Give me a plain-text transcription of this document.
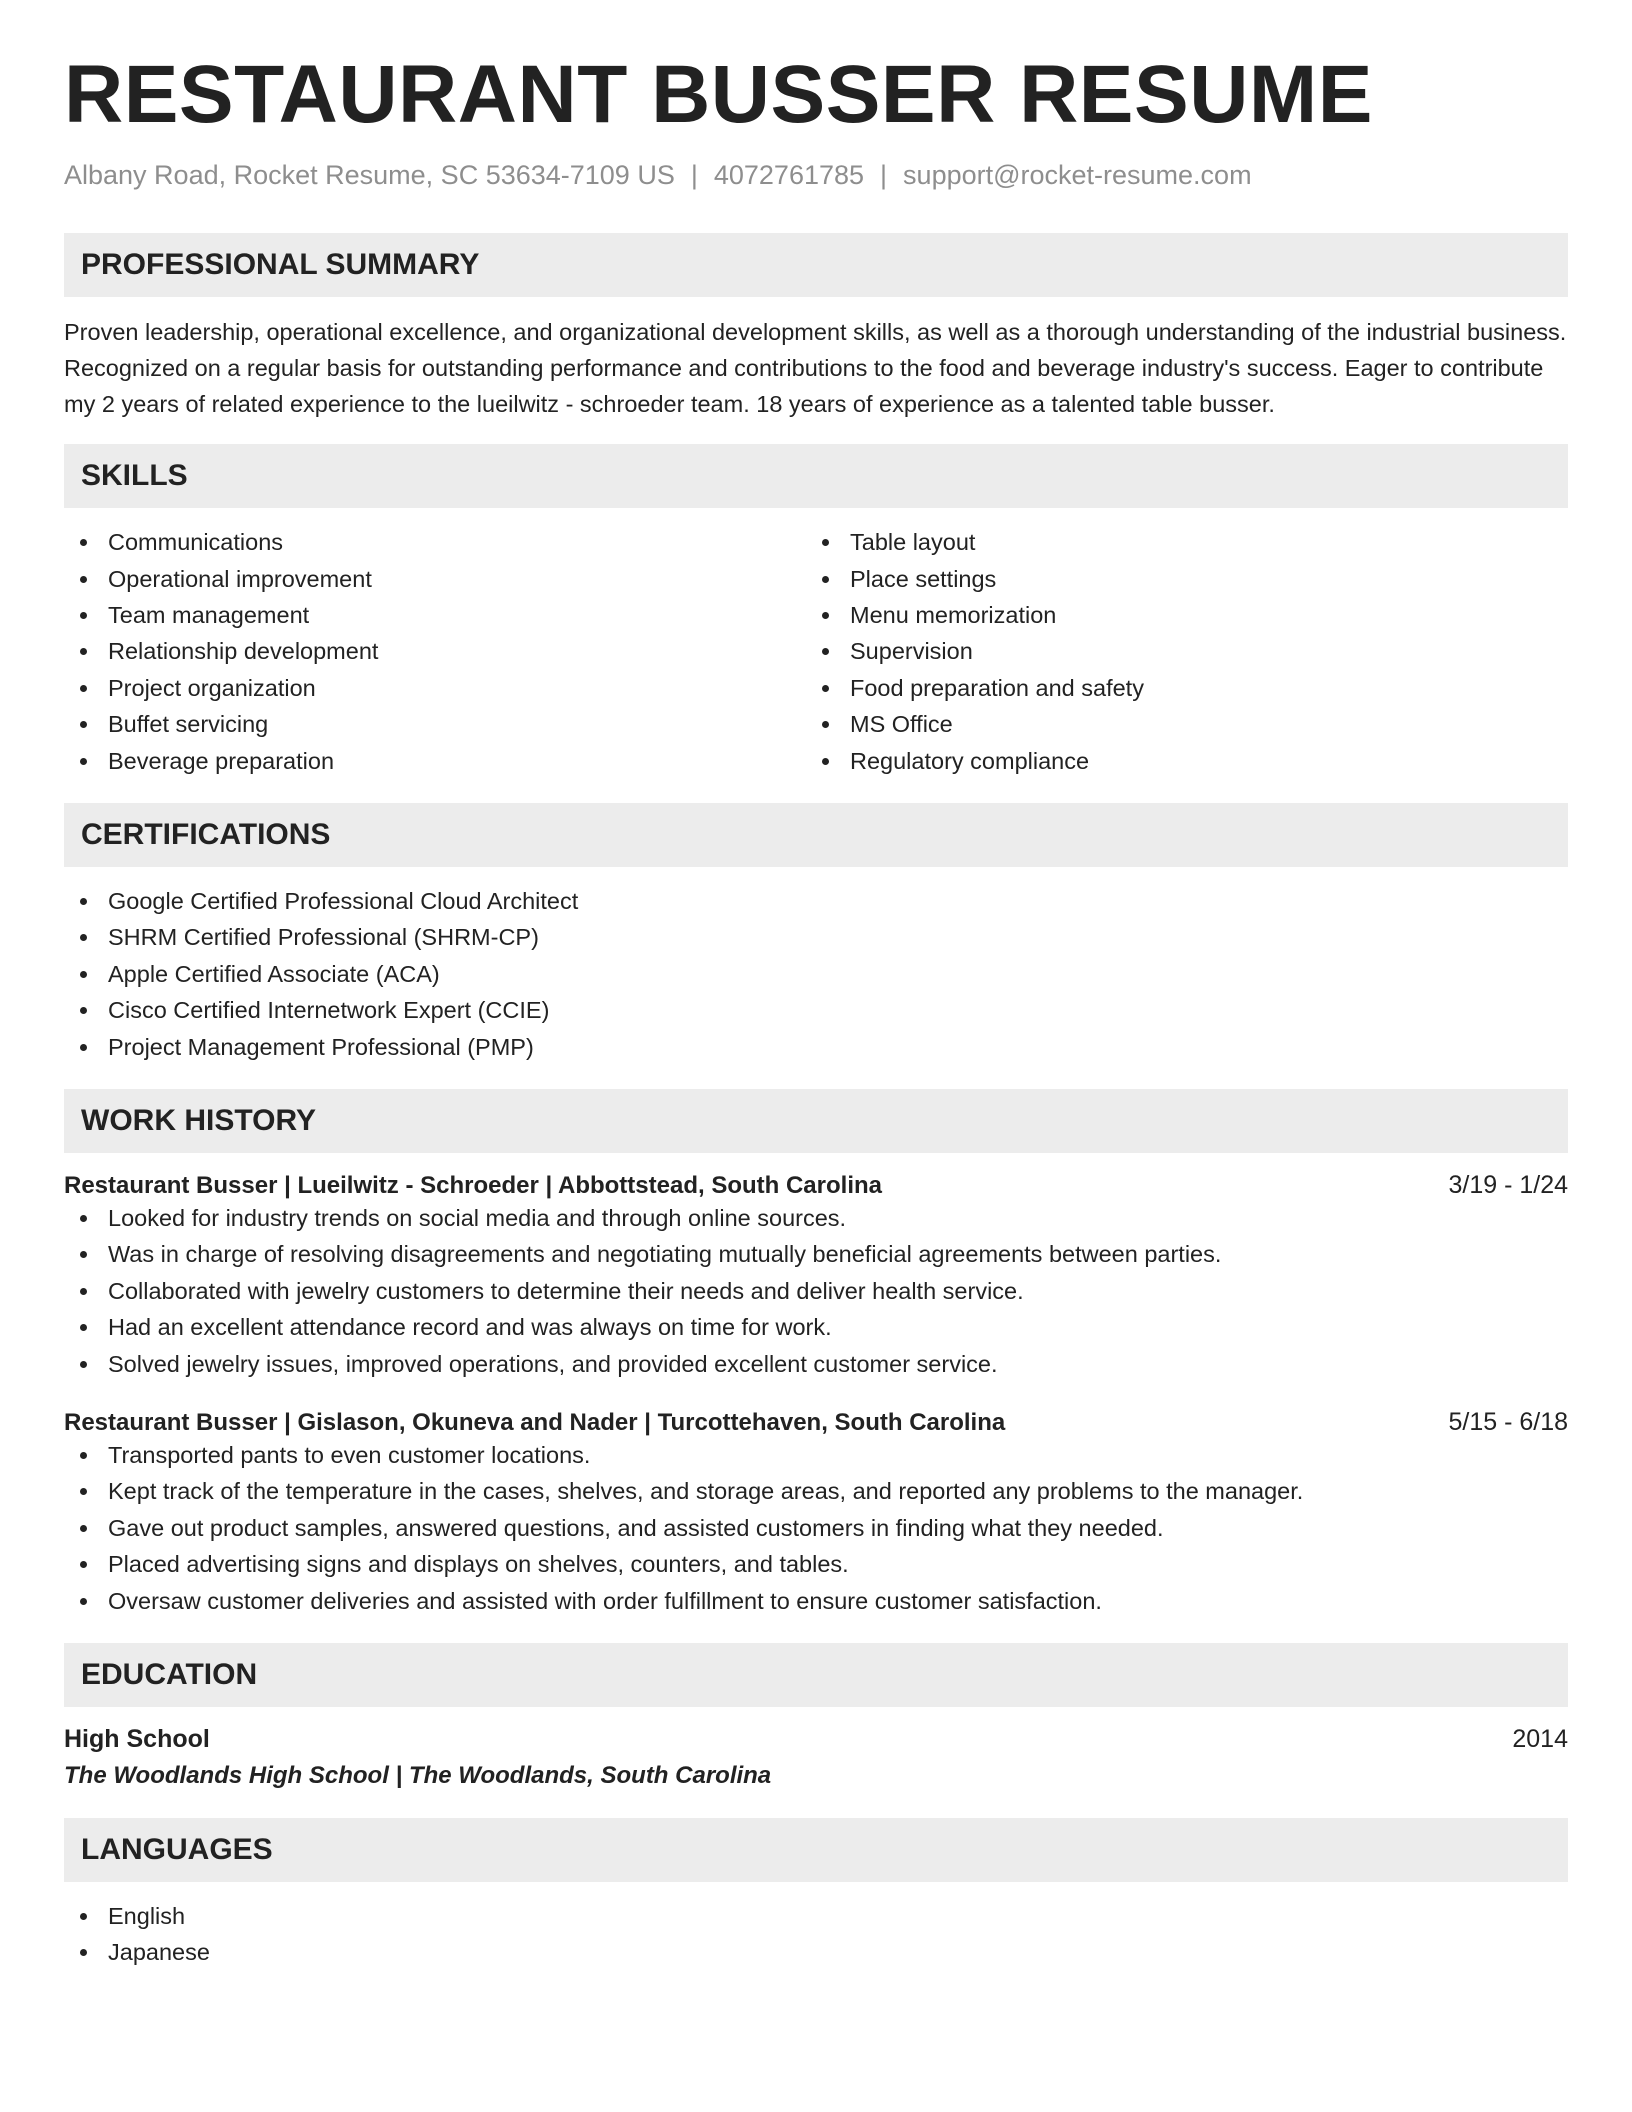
RESTAURANT BUSSER RESUME
Albany Road, Rocket Resume, SC 53634-7109 US | 4072761785 | support@rocket-resume.com
PROFESSIONAL SUMMARY

Proven leadership, operational excellence, and organizational development skills, as well as a thorough understanding of the industrial business. Recognized on a regular basis for outstanding performance and contributions to the food and beverage industry's success. Eager to contribute my 2 years of related experience to the lueilwitz - schroeder team. 18 years of experience as a talented table busser.

SKILLS
Communications
Operational improvement
Team management
Relationship development
Project organization
Buffet servicing
Beverage preparation
Table layout
Place settings
Menu memorization
Supervision
Food preparation and safety
MS Office
Regulatory compliance
CERTIFICATIONS
Google Certified Professional Cloud Architect
SHRM Certified Professional (SHRM-CP)
Apple Certified Associate (ACA)
Cisco Certified Internetwork Expert (CCIE)
Project Management Professional (PMP)
WORK HISTORY
Restaurant Busser | Lueilwitz - Schroeder | Abbottstead, South Carolina	3/19 - 1/24
Looked for industry trends on social media and through online sources.
Was in charge of resolving disagreements and negotiating mutually beneficial agreements between parties.
Collaborated with jewelry customers to determine their needs and deliver health service.
Had an excellent attendance record and was always on time for work.
Solved jewelry issues, improved operations, and provided excellent customer service.
Restaurant Busser | Gislason, Okuneva and Nader | Turcottehaven, South Carolina	5/15 - 6/18
Transported pants to even customer locations.
Kept track of the temperature in the cases, shelves, and storage areas, and reported any problems to the manager.
Gave out product samples, answered questions, and assisted customers in finding what they needed.
Placed advertising signs and displays on shelves, counters, and tables.
Oversaw customer deliveries and assisted with order fulfillment to ensure customer satisfaction.
EDUCATION
High School	2014
The Woodlands High School | The Woodlands, South Carolina
LANGUAGES
English
Japanese
